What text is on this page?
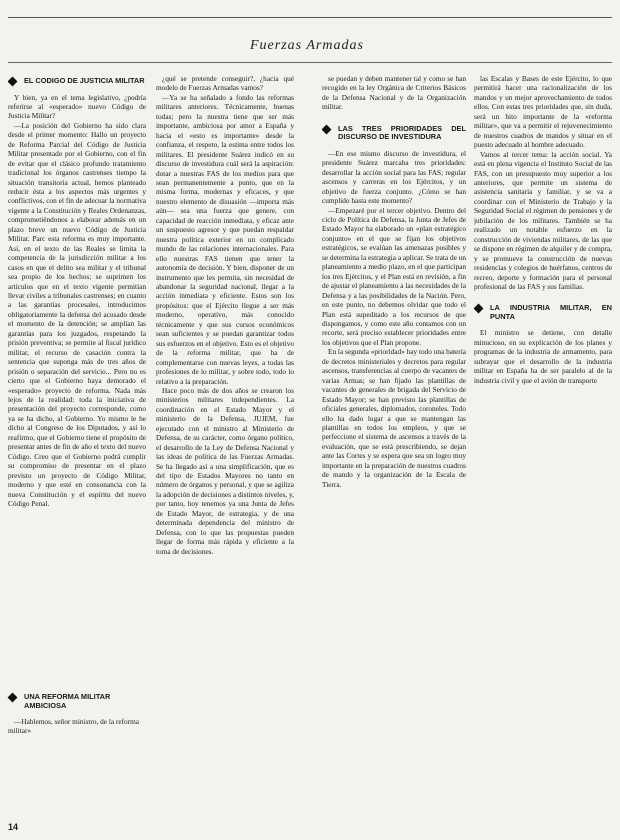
Fuerzas Armadas
EL CODIGO DE JUSTICIA MILITAR

Y bien, ya en el tema legislativo, ¿podría referirse al «esperado» nuevo Código de Justicia Militar?

—La posición del Gobierno ha sido clara desde el primer momento: Hallo un proyecto de Reforma Parcial del Código de Justicia Militar presentado por el Gobierno, con el fin de evitar que el clásico profundo tratamiento tradicional los órganos castrenses tiempo la situación transitoria actual, hemos planteado reducir ésta a los aspectos más urgentes y conflictivos, con el fin de adecuar la normativa vigente a la Constitución y Reales Ordenanzas, comprometiéndonos a elaborar además en un plazo breve un nuevo Código de Justicia Militar. Parc esta reforma es muy importante. Así, en el texto de las Reales se limita la competencia de la jurisdicción militar a los casos en que el delito sea militar y el tribunal sea propio de los hechos; se suprimen los artículos que en el texto vigente permitían llevar civiles a tribunales castrenses; en cuanto a las garantías procesales, introducimos obligatoriamente la defensa del acusado desde el momento de la detención; se amplían las garantías para los juzgados, respetando la prisión preventiva; se permite al fiscal jurídico militar, el recurso de casación contra la sentencia que suponga más de tres años de prisión o separación del servicio... Pero no es cierto que el Gobierno haya demorado el «esperado» proyecto de reforma. Nada más lejos de la realidad: toda la iniciativa de presentación del proyecto corresponde, como ya se ha dicho, al Gobierno. Yo mismo le he dicho al Congreso de los Diputados, y así lo reafirmo, que el Gobierno tiene el propósito de presentar antes de fin de año el texto del nuevo Código. Creo que el Gobierno podrá cumplir su compromiso de presentar en el plazo previsto un proyecto de Código Militar, moderno y que esté en consonancia con la nueva Constitución y el espíritu del nuevo Código Penal.

¿qué se pretende conseguir?, ¿hacia qué modelo de Fuerzas Armadas vamos?

—Ya se ha señalado a fondo las reformas militares anteriores. Técnicamente, buenas todas; pero la nuestra tiene que ser más importante, ambiciosa por amor a España y hacia el «esto es importante» desde la confianza, el respeto, la estima entre todos los militares. El presidente Suárez indicó en su discurso de investidura cuál será la aspiración: dotar a nuestras FAS de los medios para que sean permanentemente a punto, que en la misma forma, modernas y eficaces, y que nuestro elemento de disuasión —importa más aún— sea una fuerza que genere, con capacidad de reacción inmediata, y eficaz ante un suspuesto agresor y que puedan respaldar nuestra política exterior en un complicado mundo de las relaciones internacionales. Para ello nuestras FAS tienen que tener la autonomía de decisión. Y bien, disponer de un instrumento que les permita, sin necesidad de abandonar la seguridad nacional, llegar a la acción inmediata y eficiente. Estos son los propósitos: que el Ejército llegue a ser más moderno, operativo, más conocido técnicamente y que sus cursos económicos sean suficientes y se puedan garantizar todos sus esfuerzos en el objetivo. Esto es el objetivo de la reforma militar, que ha de complementarse con nuevas leyes, a todas las profesiones de lo militar, y sobre todo, todo lo relativo a la preparación.

Hace poco más de dos años se crearon los ministerios militares independientes. La coordinación en el Estado Mayor y el ministerio de la Defensa, JUJEM, fue ejecutado con el ministro al Ministerio de Defensa, de su carácter, como órgano político, el desarrollo de la Ley de Defensa Nacional y las ideas de política de las Fuerzas Armadas. Se ha llegado así a una simplificación, que es del tipo de Estados Mayores no tanto en número de órganos y personal, y que se agiliza la adopción de decisiones a distintos niveles, y, por tanto, hoy tenemos ya una Junta de Jefes de Estado Mayor, de estrategia, y de una determinada dependencia del ministro de Defensa, con lo que las propuestas pueden llegar de forma más rápida y eficiente a la toma de decisiones.

se puedan y deben mantener tal y como se han recogido en la ley Orgánica de Criterios Básicos de la Defensa Nacional y de la Organización militar.

LAS TRES PRIORIDADES DEL DISCURSO DE INVESTIDURA

—En ese mismo discurso de investidura, el presidente Suárez marcaba tres prioridades: desarrollar la acción social para las FAS; regular ascensos y carreras en los Ejércitos, y un objetivo de fuerza conjunto. ¿Cómo se han cumplido hasta este momento?

—Empezaré por el tercer objetivo. Dentro del ciclo de Política de Defensa, la Junta de Jefes de Estado Mayor ha elaborado un «plan estratégico conjunto» en el que se fijan los objetivos estratégicos, se evalúan las amenazas posibles y se determina la estrategia a aplicar. Se trata de un planeamiento a medio plazo, en el que participan los tres Ejércitos, y el Plan está en revisión, a fin de ajustar el planeamiento a las necesidades de la Defensa y a las posibilidades de la Nación. Pero, en este punto, no debemos olvidar que todo el Plan está supeditado a los recursos de que dispongamos, y como este año contamos con un recorte, será preciso establecer prioridades entre los objetivos que el Plan propone.

En la segunda «prioridad» hay todo una batería de decretos ministeriales y decretos para regular ascensos, transferencias al cuerpo de vacantes de varias Armas; se han fijado las plantillas de vacantes de generales de brigada del Servicio de Estado Mayor; se han previsto las plantillas de oficiales generales, diplomados, coroneles. Todo ello ha dado lugar a que se mantengan las plantillas en todos los empleos, y que se perfeccione el sistema de ascensos a través de la evaluación, que se está prescribiendo, se dejan ante las Cortes y se espera que sea un logro muy importante en la preparación de nuestros cuadros de mando y la organización de la Escala de Tierra.

las Escalas y Bases de este Ejército, lo que permitirá hacer una racionalización de los mandos y un mejor aprovechamiento de todos ellos. Con estas tres prioridades que, sin duda, será un hito importante de la «reforma militar», que va a permitir el rejuvenecimiento de nuestros cuadros de mandos y situar en el puesto adecuado al hombre adecuado.

Vamos al tercer tema: la acción social. Ya está en plena vigencia el Instituto Social de las FAS, con un presupuesto muy superior a los anteriores, que permite un sistema de asistencia sanitaria y familiar, y se va a coordinar con el Ministerio de Trabajo y la Seguridad Social el régimen de pensiones y de jubilación de los militares. También se ha realizado un notable esfuerzo en la construcción de viviendas militares, de las que se dispone en régimen de alquiler y de compra, y se promueve la construcción de nuevas residencias y colegios de huérfanos, centros de recreo, deporte y formación para el personal profesional de las FAS y sus familias.

LA INDUSTRIA MILITAR, EN PUNTA

El ministro se detiene, con detalle minucioso, en su explicación de los planes y programas de la industria de armamento, para subrayar que el desarrollo de la industria militar en España ha de ser paralelo al de la industria civil y que el avión de transporte

UNA REFORMA MILITAR AMBICIOSA

—Hablemos, señor ministro, de la reforma militar»

14
